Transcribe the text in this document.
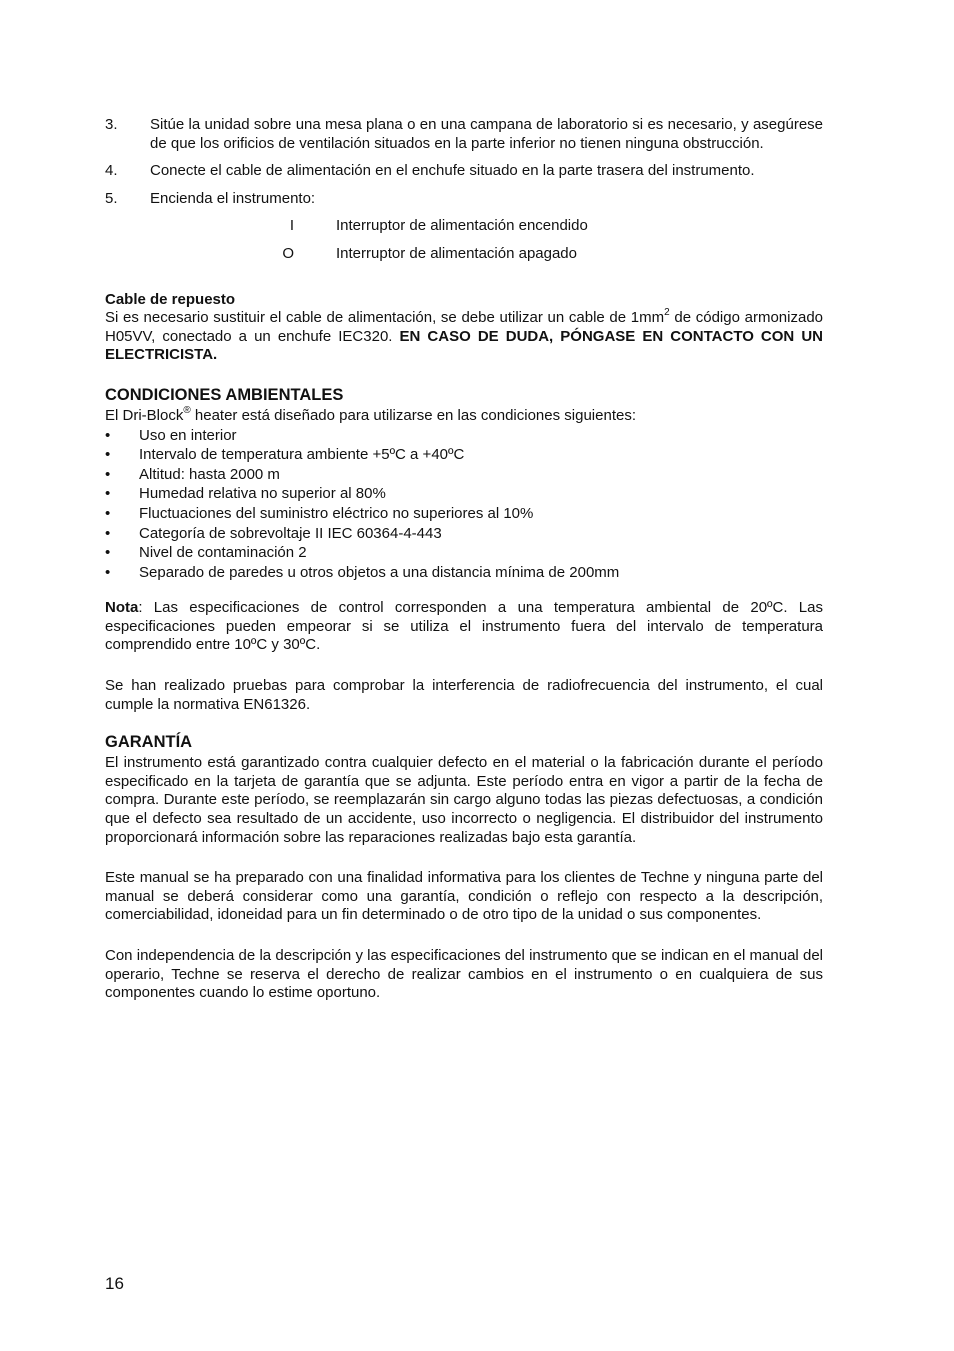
3.	Sitúe la unidad sobre una mesa plana o en una campana de laboratorio si es necesario, y asegúrese de que los orificios de ventilación situados en la parte inferior no tienen ninguna obstrucción.
4.	Conecte el cable de alimentación en el enchufe situado en la parte trasera del instrumento.
5.	Encienda el instrumento:
I	Interruptor de alimentación encendido
O	Interruptor de alimentación apagado
Cable de repuesto

Si es necesario sustituir el cable de alimentación, se debe utilizar un cable de $1mm^2$ de código armonizado H05VV, conectado a un enchufe IEC320. EN CASO DE DUDA, PÓNGASE EN CONTACTO CON UN ELECTRICISTA.

CONDICIONES AMBIENTALES

El Dri-Block® heater está diseñado para utilizarse en las condiciones siguientes:

•	Uso en interior
•	Intervalo de temperatura ambiente +5ºC a +40ºC
•	Altitud: hasta 2000 m
•	Humedad relativa no superior al 80%
•	Fluctuaciones del suministro eléctrico no superiores al 10%
•	Categoría de sobrevoltaje II IEC 60364-4-443
•	Nivel de contaminación 2
•	Separado de paredes u otros objetos a una distancia mínima de 200mm

Nota: Las especificaciones de control corresponden a una temperatura ambiental de 20ºC. Las especificaciones pueden empeorar si se utiliza el instrumento fuera del intervalo de temperatura comprendido entre 10ºC y 30ºC.

Se han realizado pruebas para comprobar la interferencia de radiofrecuencia del instrumento, el cual cumple la normativa EN61326.

GARANTÍA

El instrumento está garantizado contra cualquier defecto en el material o la fabricación durante el período especificado en la tarjeta de garantía que se adjunta. Este período entra en vigor a partir de la fecha de compra. Durante este período, se reemplazarán sin cargo alguno todas las piezas defectuosas, a condición que el defecto sea resultado de un accidente, uso incorrecto o negligencia. El distribuidor del instrumento proporcionará información sobre las reparaciones realizadas bajo esta garantía.

Este manual se ha preparado con una finalidad informativa para los clientes de Techne y ninguna parte del manual se deberá considerar como una garantía, condición o reflejo con respecto a la descripción, comerciabilidad, idoneidad para un fin determinado o de otro tipo de la unidad o sus componentes.

Con independencia de la descripción y las especificaciones del instrumento que se indican en el manual del operario, Techne se reserva el derecho de realizar cambios en el instrumento o en cualquiera de sus componentes cuando lo estime oportuno.

16
